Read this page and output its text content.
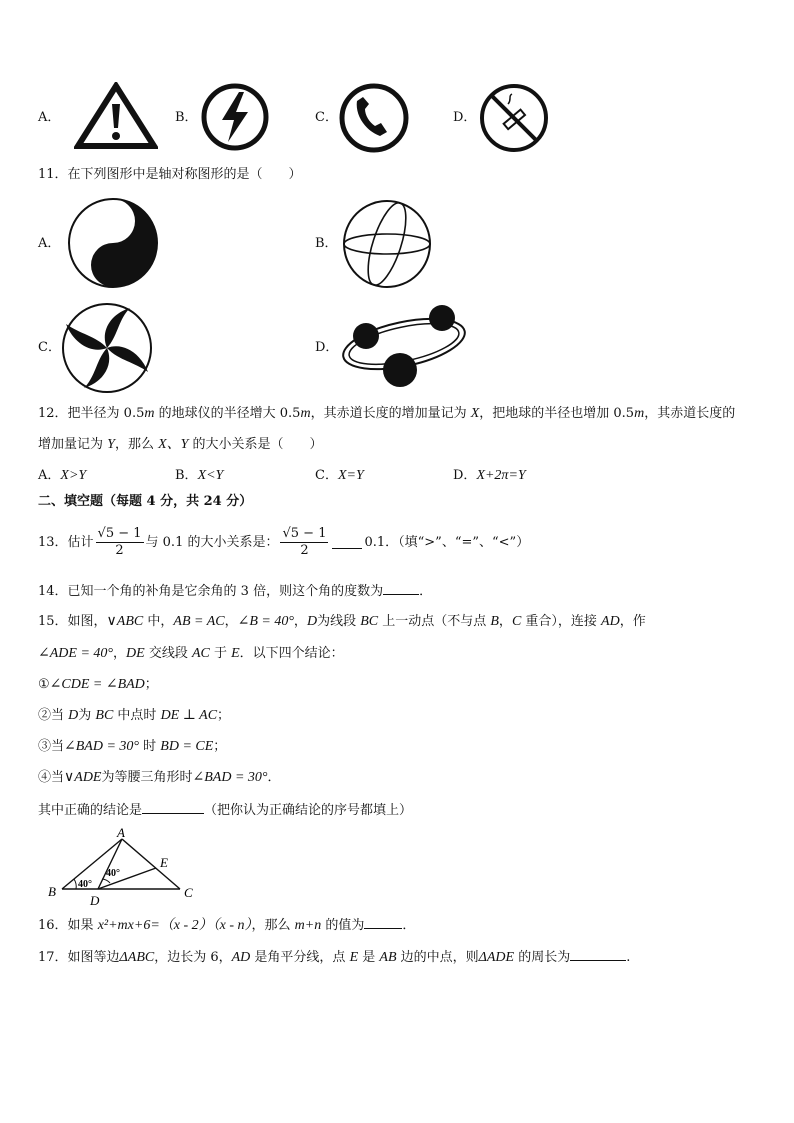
A．	B．	C．	D．
11．在下列图形中是轴对称图形的是（　　）
A．	B．
C．	D．
12．把半径为 0.5m 的地球仪的半径增大 0.5m，其赤道长度的增加量记为 X，把地球的半径也增加 0.5m，其赤道长度的
增加量记为 Y，那么 X、Y 的大小关系是（　　）
A．X>Y	B．X<Y	C．X=Y	D．X+2π=Y
二、填空题（每题 4 分，共 24 分）
13．估计 $\frac{√5 - 1}{2}$ 与 0.1 的大小关系是： $\frac{√5 - 1}{2}$	0.1．（填“>”、“=”、“<”）
14．已知一个角的补角是它余角的 3 倍，则这个角的度数为	．
15．如图，∨ABC 中，AB = AC，∠B = 40°，D为线段 BC 上一动点（不与点 B，C 重合），连接 AD，作
∠ADE = 40°，DE 交线段 AC 于 E．以下四个结论：
①∠CDE = ∠BAD；
②当 D为 BC 中点时 DE ⊥ AC；
③当∠BAD = 30° 时 BD = CE；
④当∨ADE为等腰三角形时∠BAD = 30°．
其中正确的结论是	（把你认为正确结论的序号都填上）
A
B	C
D
E
40°
40°
16．如果 x²+mx+6=（x - 2）（x - n），那么 m+n 的值为	．
17．如图等边ΔABC，边长为 6，AD 是角平分线，点 E 是 AB 边的中点，则ΔADE 的周长为	.
